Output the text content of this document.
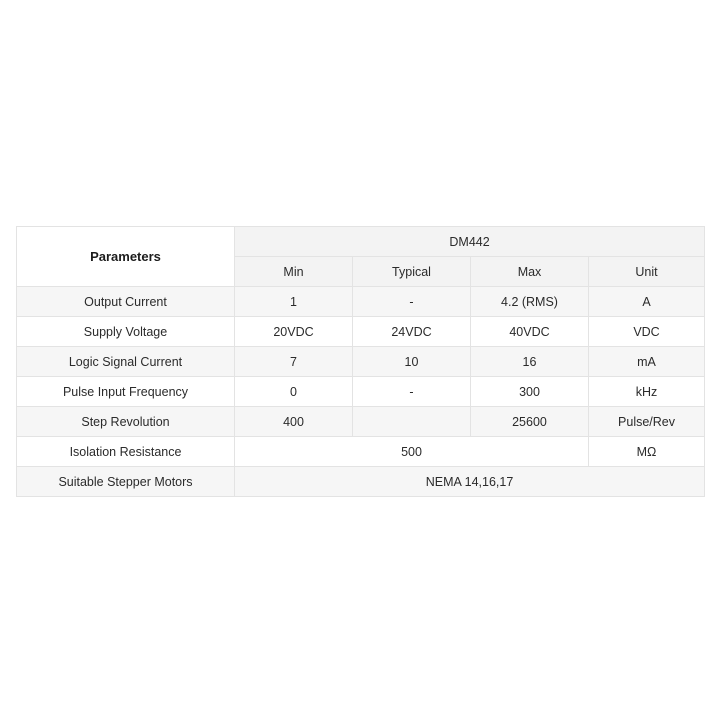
Parameters	DM442			
	Min	Typical	Max	Unit
Output Current	1	-	4.2 (RMS)	A
Supply Voltage	20VDC	24VDC	40VDC	VDC
Logic Signal Current	7	10	16	mA
Pulse Input Frequency	0	-	300	kHz
Step Revolution	400		25600	Pulse/Rev
Isolation Resistance	500			MΩ
Suitable Stepper Motors	NEMA 14,16,17			
